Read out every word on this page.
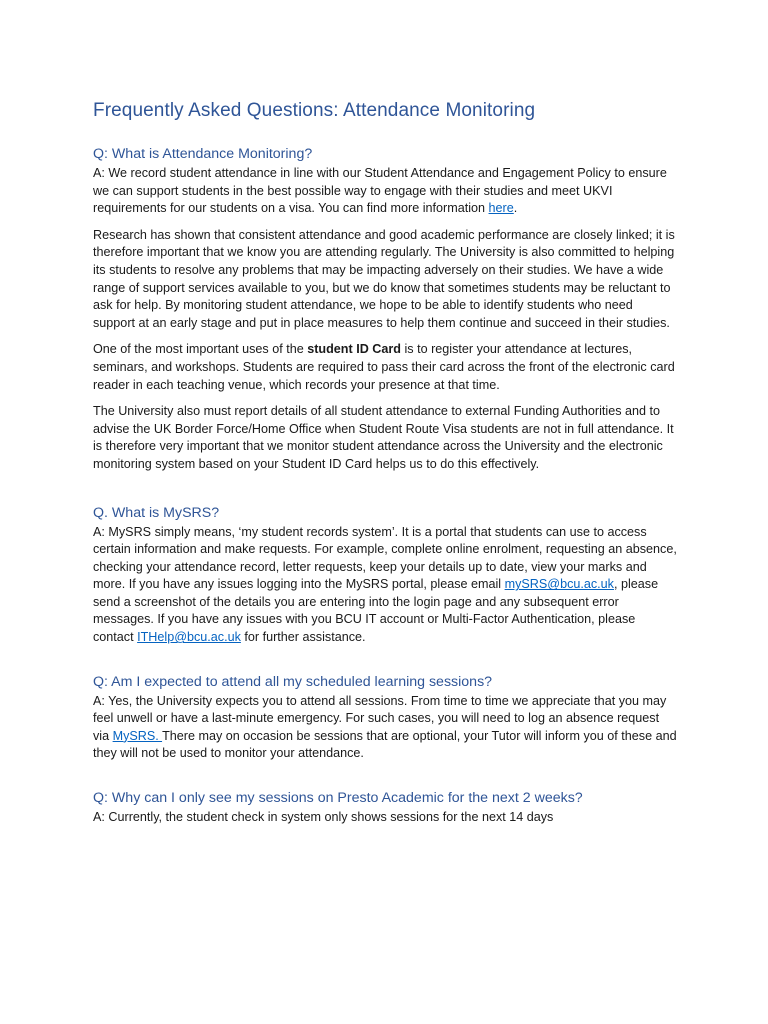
Frequently Asked Questions: Attendance Monitoring
Q: What is Attendance Monitoring?

A: We record student attendance in line with our Student Attendance and Engagement Policy to ensure we can support students in the best possible way to engage with their studies and meet UKVI requirements for our students on a visa. You can find more information here.

Research has shown that consistent attendance and good academic performance are closely linked; it is therefore important that we know you are attending regularly. The University is also committed to helping its students to resolve any problems that may be impacting adversely on their studies. We have a wide range of support services available to you, but we do know that sometimes students may be reluctant to ask for help. By monitoring student attendance, we hope to be able to identify students who need support at an early stage and put in place measures to help them continue and succeed in their studies.

One of the most important uses of the student ID Card is to register your attendance at lectures, seminars, and workshops. Students are required to pass their card across the front of the electronic card reader in each teaching venue, which records your presence at that time.

The University also must report details of all student attendance to external Funding Authorities and to advise the UK Border Force/Home Office when Student Route Visa students are not in full attendance. It is therefore very important that we monitor student attendance across the University and the electronic monitoring system based on your Student ID Card helps us to do this effectively.

Q. What is MySRS?

A: MySRS simply means, ‘my student records system’. It is a portal that students can use to access certain information and make requests. For example, complete online enrolment, requesting an absence, checking your attendance record, letter requests, keep your details up to date, view your marks and more. If you have any issues logging into the MySRS portal, please email mySRS@bcu.ac.uk, please send a screenshot of the details you are entering into the login page and any subsequent error messages. If you have any issues with you BCU IT account or Multi-Factor Authentication, please contact ITHelp@bcu.ac.uk for further assistance.

Q: Am I expected to attend all my scheduled learning sessions?

A: Yes, the University expects you to attend all sessions. From time to time we appreciate that you may feel unwell or have a last-minute emergency. For such cases, you will need to log an absence request via MySRS. There may on occasion be sessions that are optional, your Tutor will inform you of these and they will not be used to monitor your attendance.

Q: Why can I only see my sessions on Presto Academic for the next 2 weeks?

A: Currently, the student check in system only shows sessions for the next 14 days
